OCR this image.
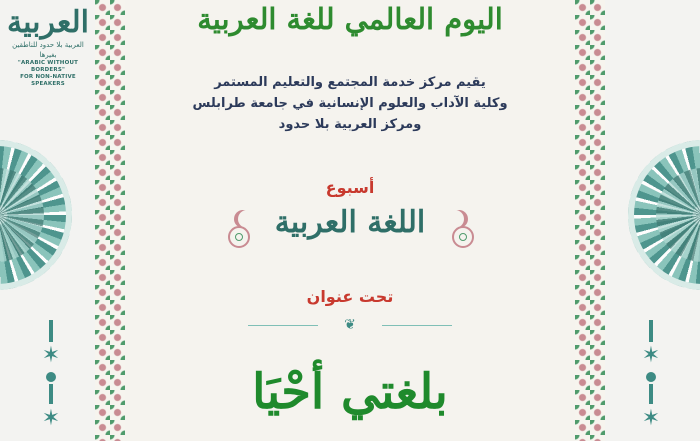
✶
✶
✶
✶
العربية
العربية بلا حدود للناطقين بغيرها
"ARABIC WITHOUT BORDERS"
FOR NON-NATIVE SPEAKERS
اليوم العالمي للغة العربية
يقيم مركز خدمة المجتمع والتعليم المستمر
وكلية الآداب والعلوم الإنسانية في جامعة طرابلس
ومركز العربية بلا حدود
أسبوع
اللغة العربية
تحت عنوان
❦
بلغتي أحْيَا
